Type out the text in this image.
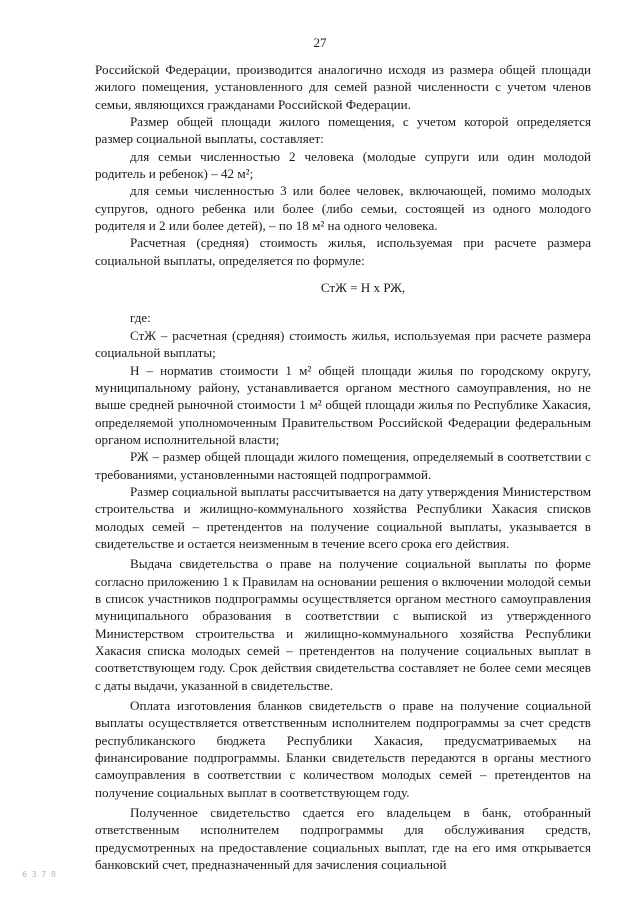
27

Российской Федерации, производится аналогично исходя из размера общей площади жилого помещения, установленного для семей разной численности с учетом членов семьи, являющихся гражданами Российской Федерации.

Размер общей площади жилого помещения, с учетом которой определяется размер социальной выплаты, составляет:

для семьи численностью 2 человека (молодые супруги или один молодой родитель и ребенок) – 42 м²;

для семьи численностью 3 или более человек, включающей, помимо молодых супругов, одного ребенка или более (либо семьи, состоящей из одного молодого родителя и 2 или более детей), – по 18 м² на одного человека.

Расчетная (средняя) стоимость жилья, используемая при расчете размера социальной выплаты, определяется по формуле:

СтЖ = Н х РЖ,

где:

СтЖ – расчетная (средняя) стоимость жилья, используемая при расчете размера социальной выплаты;

Н – норматив стоимости 1 м² общей площади жилья по городскому округу, муниципальному району, устанавливается органом местного самоуправления, но не выше средней рыночной стоимости 1 м² общей площади жилья по Республике Хакасия, определяемой уполномоченным Правительством Российской Федерации федеральным органом исполнительной власти;

РЖ – размер общей площади жилого помещения, определяемый в соответствии с требованиями, установленными настоящей подпрограммой.

Размер социальной выплаты рассчитывается на дату утверждения Министерством строительства и жилищно-коммунального хозяйства Республики Хакасия списков молодых семей – претендентов на получение социальной выплаты, указывается в свидетельстве и остается неизменным в течение всего срока его действия.

Выдача свидетельства о праве на получение социальной выплаты по форме согласно приложению 1 к Правилам на основании решения о включении молодой семьи в список участников подпрограммы осуществляется органом местного самоуправления муниципального образования в соответствии с выпиской из утвержденного Министерством строительства и жилищно-коммунального хозяйства Республики Хакасия списка молодых семей – претендентов на получение социальных выплат в соответствующем году. Срок действия свидетельства составляет не более семи месяцев с даты выдачи, указанной в свидетельстве.

Оплата изготовления бланков свидетельств о праве на получение социальной выплаты осуществляется ответственным исполнителем подпрограммы за счет средств республиканского бюджета Республики Хакасия, предусматриваемых на финансирование подпрограммы. Бланки свидетельств передаются в органы местного самоуправления в соответствии с количеством молодых семей – претендентов на получение социальных выплат в соответствующем году.

Полученное свидетельство сдается его владельцем в банк, отобранный ответственным исполнителем подпрограммы для обслуживания средств, предусмотренных на предоставление социальных выплат, где на его имя открывается банковский счет, предназначенный для зачисления социальной

6 3 7 8
